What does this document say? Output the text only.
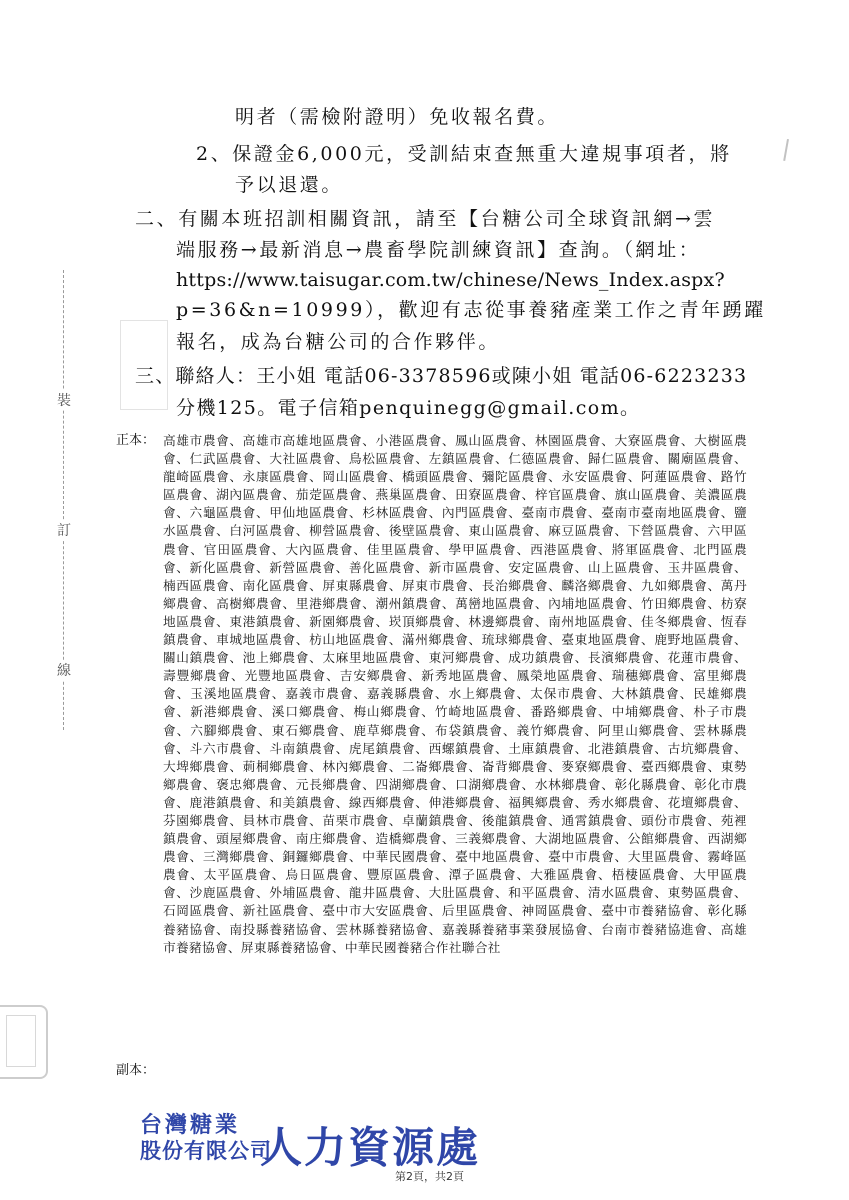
裝
訂
線
明者（需檢附證明）免收報名費。
2、保證金6,000元，受訓結束查無重大違規事項者，將
予以退還。
二、有關本班招訓相關資訊，請至【台糖公司全球資訊網→雲
端服務→最新消息→農畜學院訓練資訊】查詢。（網址：
https://www.taisugar.com.tw/chinese/News_Index.aspx?
p=36&n=10999），歡迎有志從事養豬產業工作之青年踴躍
報名，成為台糖公司的合作夥伴。
三、聯絡人：王小姐 電話06-3378596或陳小姐 電話06-6223233
分機125。電子信箱penquinegg@gmail.com。
正本： 高雄市農會、高雄市高雄地區農會、小港區農會、鳳山區農會、林園區農會、大寮區農會、大樹區農會、仁武區農會、大社區農會、鳥松區農會、左鎮區農會、仁德區農會、歸仁區農會、關廟區農會、龍崎區農會、永康區農會、岡山區農會、橋頭區農會、彌陀區農會、永安區農會、阿蓮區農會、路竹區農會、湖內區農會、茄萣區農會、燕巢區農會、田寮區農會、梓官區農會、旗山區農會、美濃區農會、六龜區農會、甲仙地區農會、杉林區農會、內門區農會、臺南市農會、臺南市臺南地區農會、鹽水區農會、白河區農會、柳營區農會、後壁區農會、東山區農會、麻豆區農會、下營區農會、六甲區農會、官田區農會、大內區農會、佳里區農會、學甲區農會、西港區農會、將軍區農會、北門區農會、新化區農會、新營區農會、善化區農會、新市區農會、安定區農會、山上區農會、玉井區農會、楠西區農會、南化區農會、屏東縣農會、屏東市農會、長治鄉農會、麟洛鄉農會、九如鄉農會、萬丹鄉農會、高樹鄉農會、里港鄉農會、潮州鎮農會、萬巒地區農會、內埔地區農會、竹田鄉農會、枋寮地區農會、東港鎮農會、新園鄉農會、崁頂鄉農會、林邊鄉農會、南州地區農會、佳冬鄉農會、恆春鎮農會、車城地區農會、枋山地區農會、滿州鄉農會、琉球鄉農會、臺東地區農會、鹿野地區農會、關山鎮農會、池上鄉農會、太麻里地區農會、東河鄉農會、成功鎮農會、長濱鄉農會、花蓮市農會、壽豐鄉農會、光豐地區農會、吉安鄉農會、新秀地區農會、鳳榮地區農會、瑞穗鄉農會、富里鄉農會、玉溪地區農會、嘉義市農會、嘉義縣農會、水上鄉農會、太保市農會、大林鎮農會、民雄鄉農會、新港鄉農會、溪口鄉農會、梅山鄉農會、竹崎地區農會、番路鄉農會、中埔鄉農會、朴子市農會、六腳鄉農會、東石鄉農會、鹿草鄉農會、布袋鎮農會、義竹鄉農會、阿里山鄉農會、雲林縣農會、斗六市農會、斗南鎮農會、虎尾鎮農會、西螺鎮農會、土庫鎮農會、北港鎮農會、古坑鄉農會、大埤鄉農會、莿桐鄉農會、林內鄉農會、二崙鄉農會、崙背鄉農會、麥寮鄉農會、臺西鄉農會、東勢鄉農會、褒忠鄉農會、元長鄉農會、四湖鄉農會、口湖鄉農會、水林鄉農會、彰化縣農會、彰化市農會、鹿港鎮農會、和美鎮農會、線西鄉農會、伸港鄉農會、福興鄉農會、秀水鄉農會、花壇鄉農會、芬園鄉農會、員林市農會、苗栗市農會、卓蘭鎮農會、後龍鎮農會、通霄鎮農會、頭份市農會、苑裡鎮農會、頭屋鄉農會、南庄鄉農會、造橋鄉農會、三義鄉農會、大湖地區農會、公館鄉農會、西湖鄉農會、三灣鄉農會、銅鑼鄉農會、中華民國農會、臺中地區農會、臺中市農會、大里區農會、霧峰區農會、太平區農會、烏日區農會、豐原區農會、潭子區農會、大雅區農會、梧棲區農會、大甲區農會、沙鹿區農會、外埔區農會、龍井區農會、大肚區農會、和平區農會、清水區農會、東勢區農會、石岡區農會、新社區農會、臺中市大安區農會、后里區農會、神岡區農會、臺中市養豬協會、彰化縣養豬協會、南投縣養豬協會、雲林縣養豬協會、嘉義縣養豬事業發展協會、台南市養豬協進會、高雄市養豬協會、屏東縣養豬協會、中華民國養豬合作社聯合社
副本：
台灣糖業
股份有限公司
人力資源處
第2頁，共2頁
